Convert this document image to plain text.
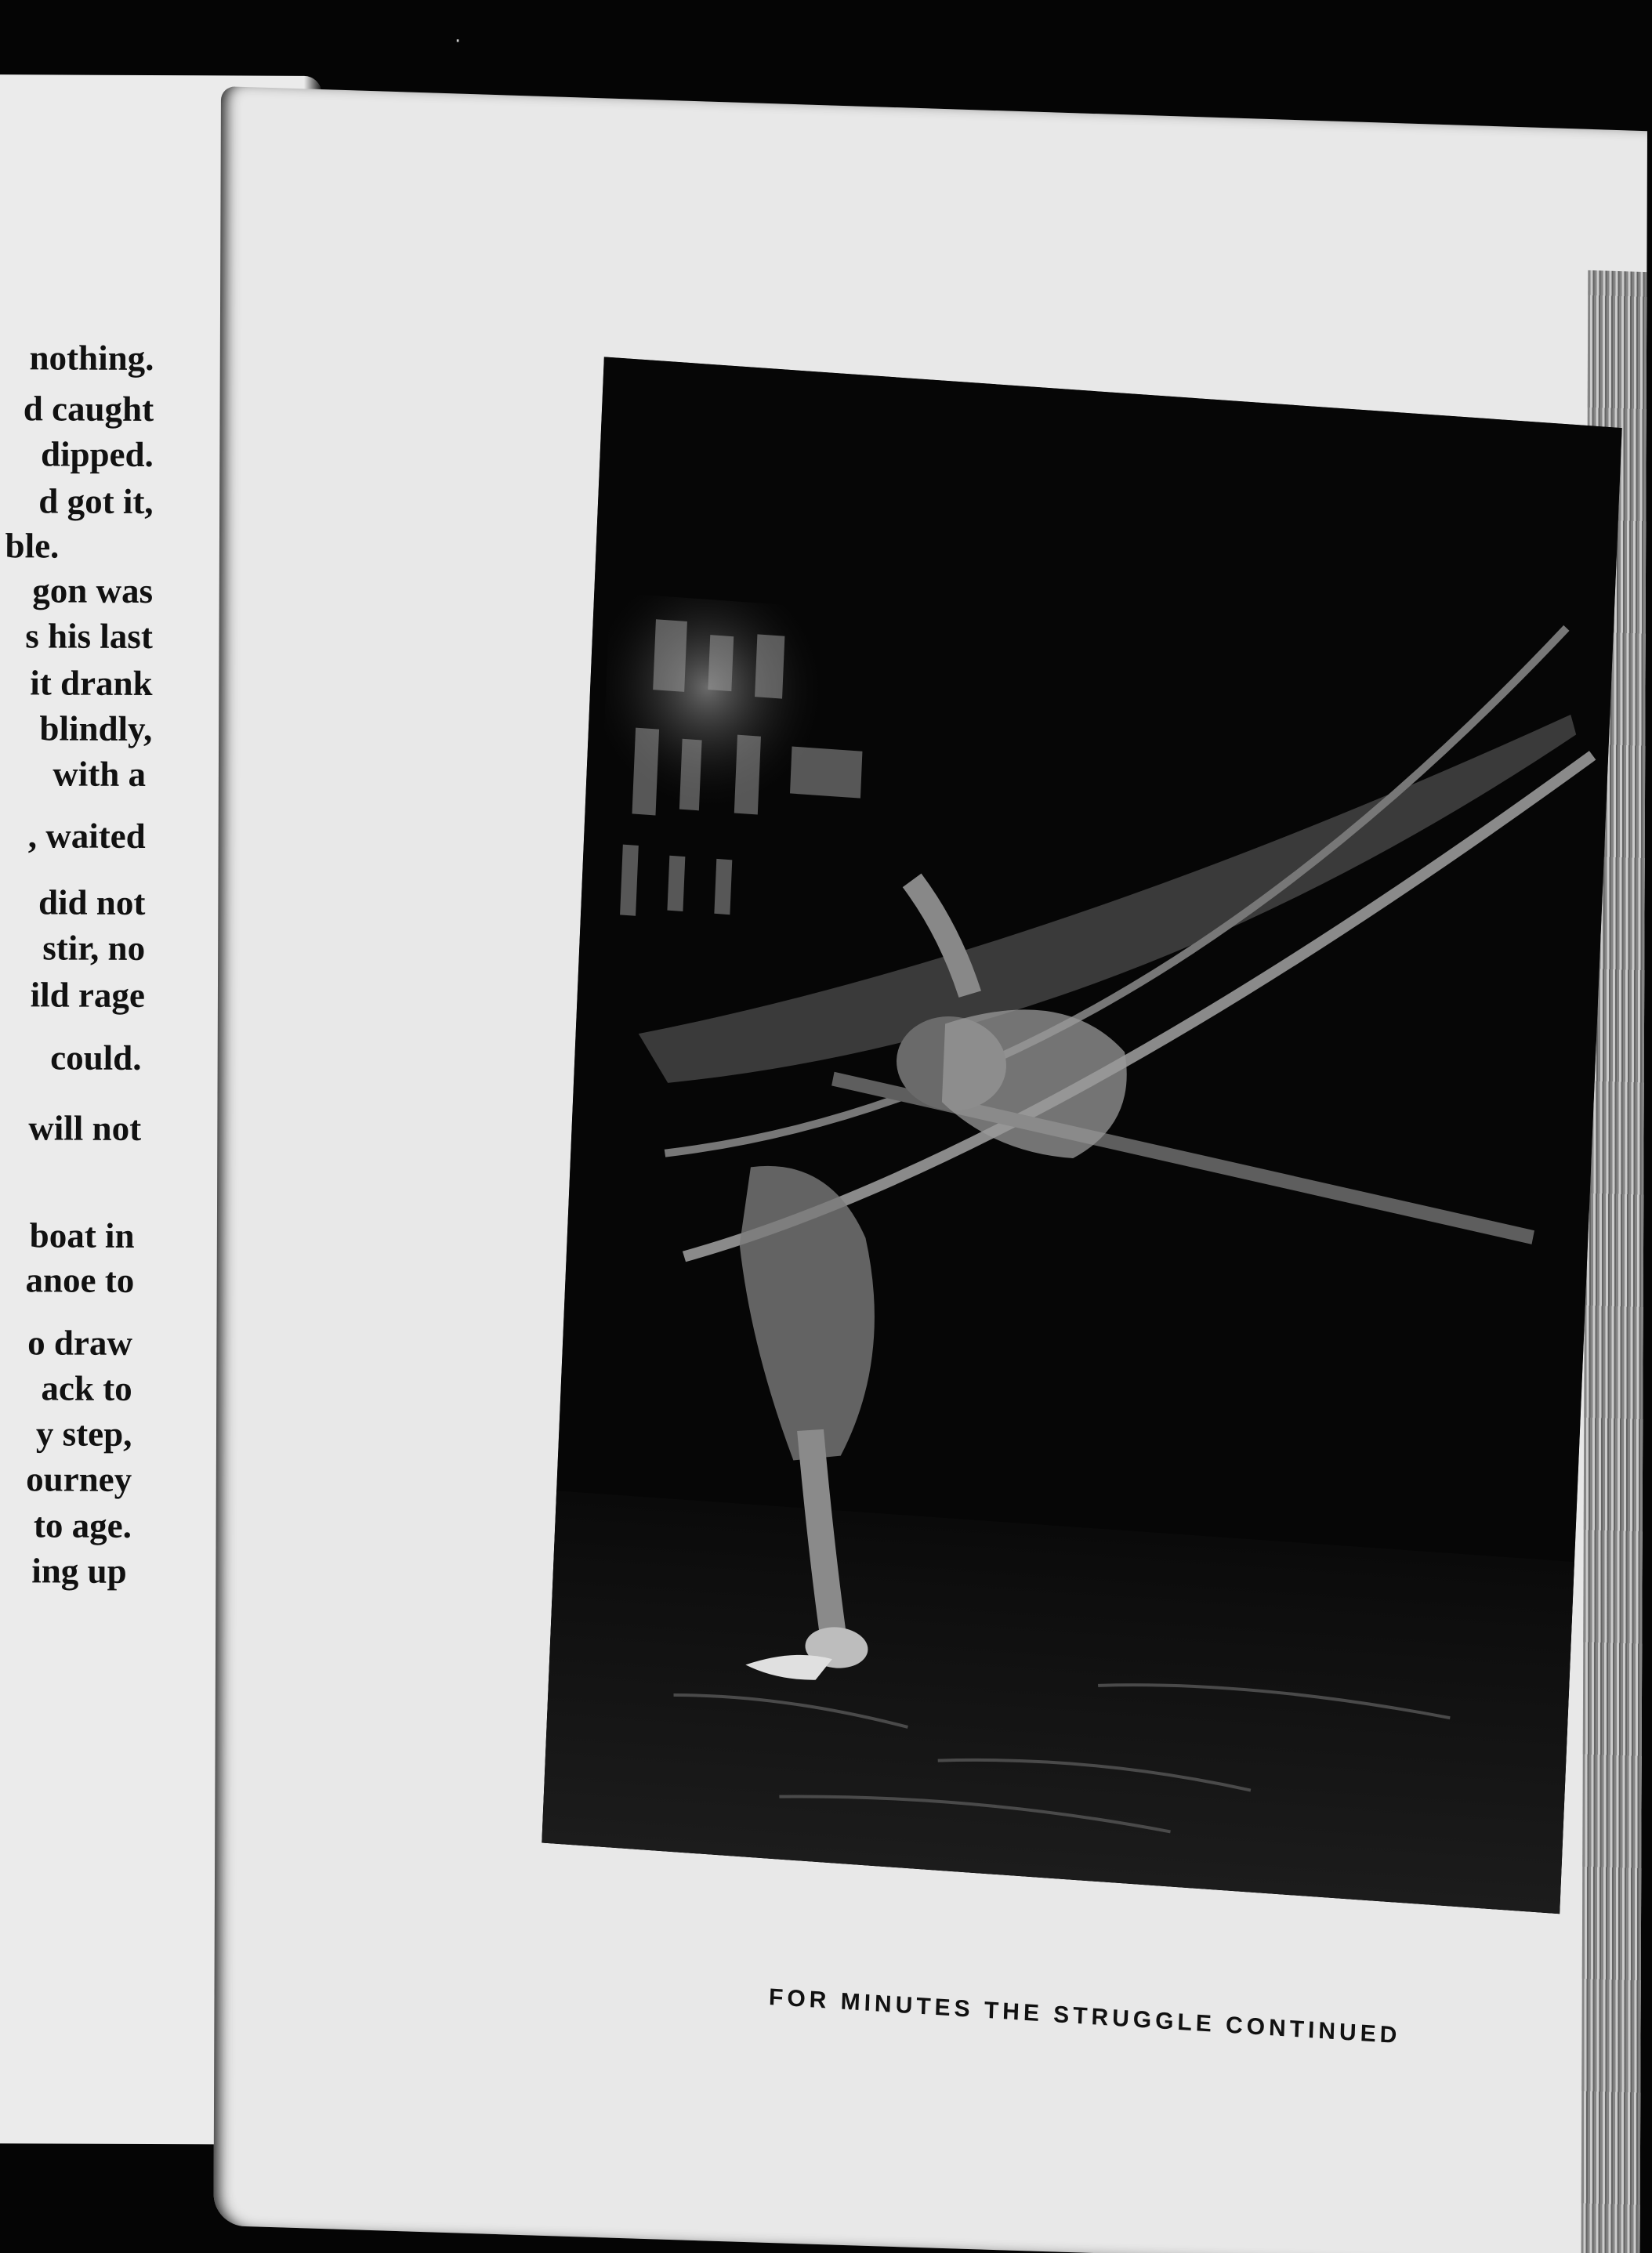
·
nothing.
d caught
dipped.
d got it,
ble.
gon was
s his last
it drank
blindly,
with a
, waited
did not
stir, no
ild rage
could.
will not
boat in
anoe to
o draw
ack to
y step,
ourney
to age.
ing up
FOR MINUTES THE STRUGGLE CONTINUED
